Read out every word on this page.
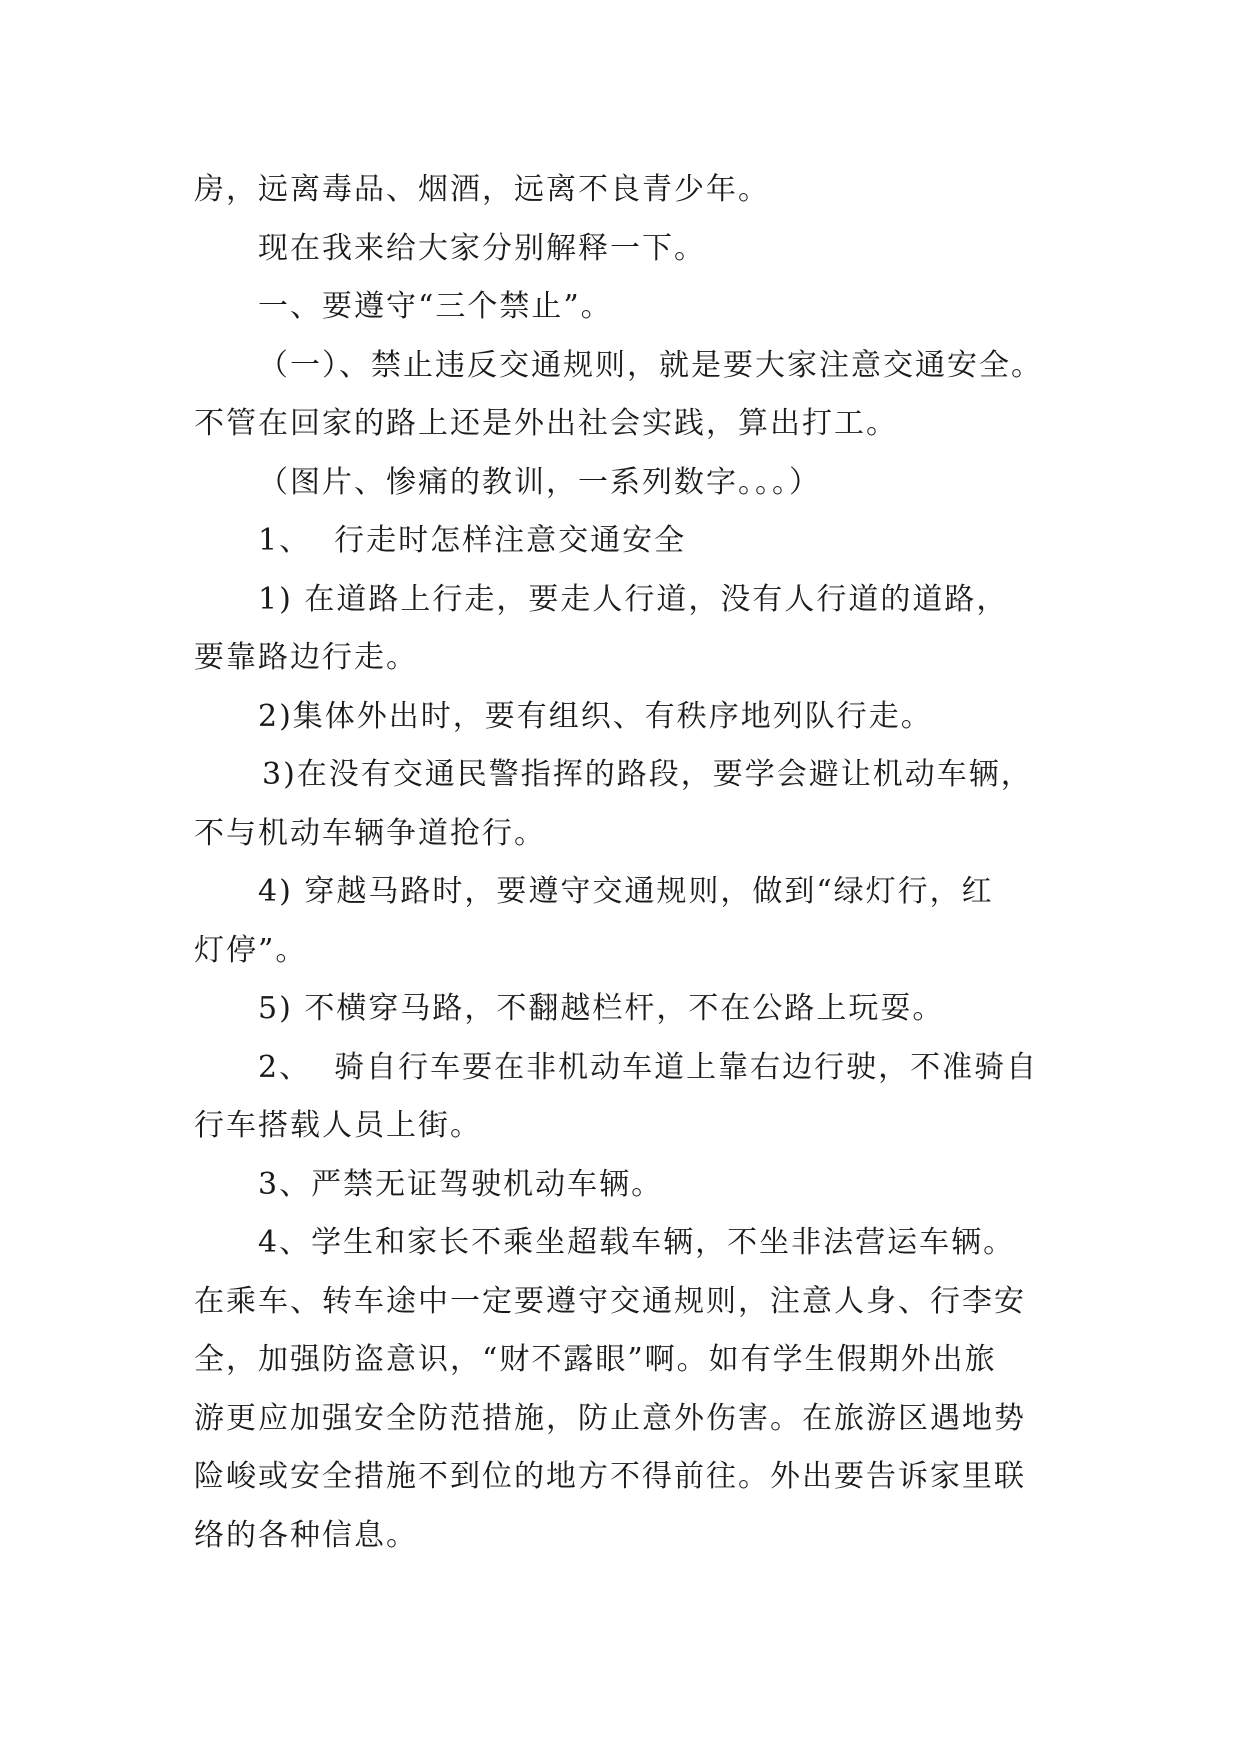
房，远离毒品、烟酒，远离不良青少年。
现在我来给大家分别解释一下。
一、要遵守“三个禁止”。
（一）、禁止违反交通规则，就是要大家注意交通安全。
不管在回家的路上还是外出社会实践，算出打工。
（图片、惨痛的教训，一系列数字。。。）
1、  行走时怎样注意交通安全
1) 在道路上行走，要走人行道，没有人行道的道路，
要靠路边行走。
2)集体外出时，要有组织、有秩序地列队行走。
3)在没有交通民警指挥的路段，要学会避让机动车辆，
不与机动车辆争道抢行。
4) 穿越马路时，要遵守交通规则，做到“绿灯行，红
灯停”。
5) 不横穿马路，不翻越栏杆，不在公路上玩耍。
2、  骑自行车要在非机动车道上靠右边行驶，不准骑自
行车搭载人员上街。
3、严禁无证驾驶机动车辆。
4、学生和家长不乘坐超载车辆，不坐非法营运车辆。
在乘车、转车途中一定要遵守交通规则，注意人身、行李安
全，加强防盗意识，“财不露眼”啊。如有学生假期外出旅
游更应加强安全防范措施，防止意外伤害。在旅游区遇地势
险峻或安全措施不到位的地方不得前往。外出要告诉家里联
络的各种信息。
